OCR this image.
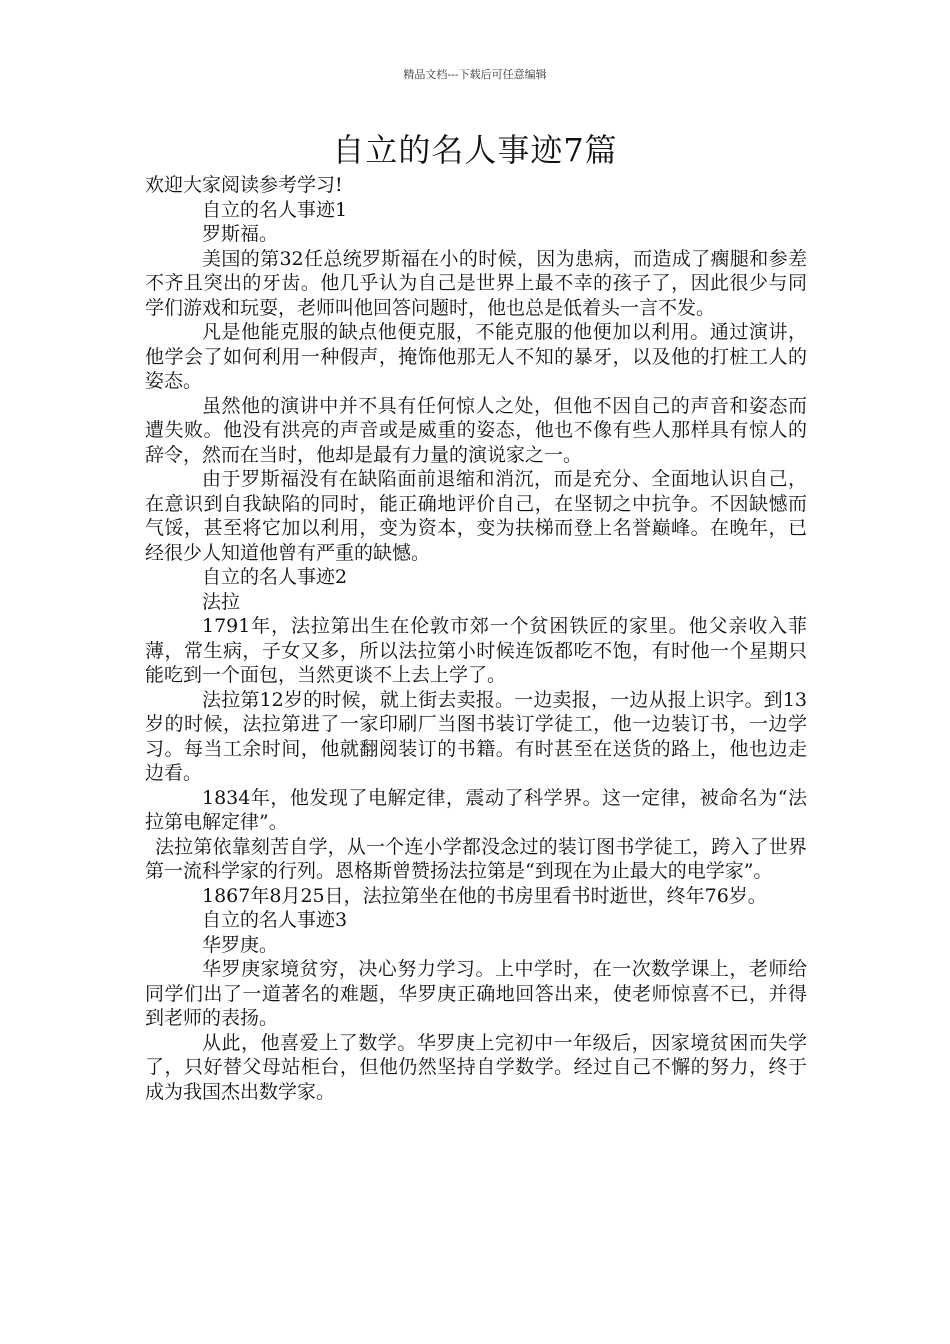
精品文档---下载后可任意编辑
自立的名人事迹7篇

欢迎大家阅读参考学习!

自立的名人事迹1

罗斯福。

美国的第32任总统罗斯福在小的时候，因为患病，而造成了瘸腿和参差不齐且突出的牙齿。他几乎认为自己是世界上最不幸的孩子了，因此很少与同学们游戏和玩耍，老师叫他回答问题时，他也总是低着头一言不发。

凡是他能克服的缺点他便克服，不能克服的他便加以利用。通过演讲，他学会了如何利用一种假声，掩饰他那无人不知的暴牙，以及他的打桩工人的姿态。

虽然他的演讲中并不具有任何惊人之处，但他不因自己的声音和姿态而遭失败。他没有洪亮的声音或是威重的姿态，他也不像有些人那样具有惊人的辞令，然而在当时，他却是最有力量的演说家之一。

由于罗斯福没有在缺陷面前退缩和消沉，而是充分、全面地认识自己，在意识到自我缺陷的同时，能正确地评价自己，在坚韧之中抗争。不因缺憾而气馁，甚至将它加以利用，变为资本，变为扶梯而登上名誉巅峰。在晚年，已经很少人知道他曾有严重的缺憾。

自立的名人事迹2

法拉

1791年，法拉第出生在伦敦市郊一个贫困铁匠的家里。他父亲收入菲薄，常生病，子女又多，所以法拉第小时候连饭都吃不饱，有时他一个星期只能吃到一个面包，当然更谈不上去上学了。

法拉第12岁的时候，就上街去卖报。一边卖报，一边从报上识字。到13岁的时候，法拉第进了一家印刷厂当图书装订学徒工，他一边装订书，一边学习。每当工余时间，他就翻阅装订的书籍。有时甚至在送货的路上，他也边走边看。

1834年，他发现了电解定律，震动了科学界。这一定律，被命名为“法拉第电解定律”。

法拉第依靠刻苦自学，从一个连小学都没念过的装订图书学徒工，跨入了世界第一流科学家的行列。恩格斯曾赞扬法拉第是“到现在为止最大的电学家”。

1867年8月25日，法拉第坐在他的书房里看书时逝世，终年76岁。

自立的名人事迹3

华罗庚。

华罗庚家境贫穷，决心努力学习。上中学时，在一次数学课上，老师给同学们出了一道著名的难题，华罗庚正确地回答出来，使老师惊喜不已，并得到老师的表扬。

从此，他喜爱上了数学。华罗庚上完初中一年级后，因家境贫困而失学了，只好替父母站柜台，但他仍然坚持自学数学。经过自己不懈的努力，终于成为我国杰出数学家。
